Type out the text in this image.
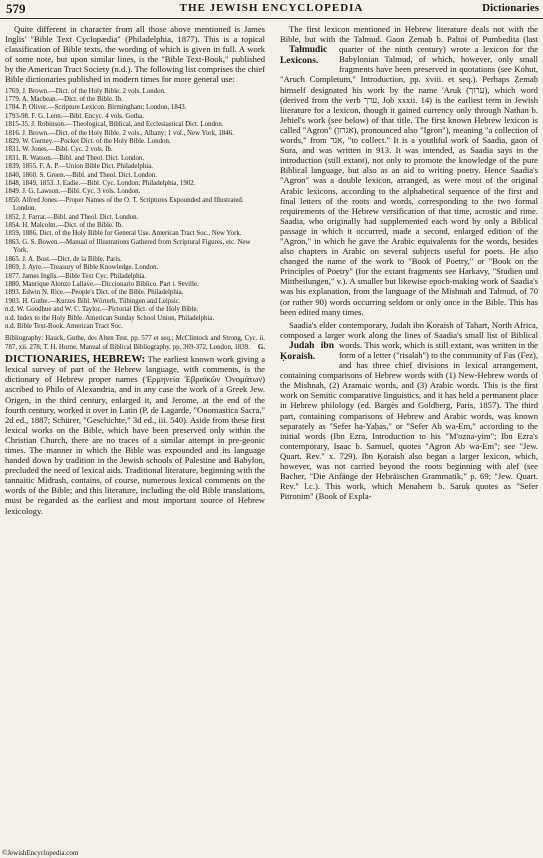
579	THE JEWISH ENCYCLOPEDIA	Dictionaries

Quite different in character from all those above mentioned is James Inglis' "Bible Text Cyclopædia" (Philadelphia, 1877). This is a topical classification of Bible texts, the wording of which is given in full. A work of some note, but upon similar lines, is the "Bible Text-Book," published by the American Tract Society (n.d.). The following list comprises the chief Bible dictionaries published in modern times for more general use:

1769. J. Brown.—Dict. of the Holy Bible. 2 vols. London.
1779. A. Macbean.—Dict. of the Bible. Ib.
1784. P. Oliver.—Scripture Lexicon. Birmingham; London, 1843.
1793-98. F. G. Lenn.—Bibl. Encyc. 4 vols. Gotha.
1815-35. J. Robinson.—Theological, Biblical, and Ecclesiastical Dict. London.
1816. J. Brown.—Dict. of the Holy Bible. 2 vols., Albany; 1 vol., New York, 1846.
1829. W. Gurney.—Pocket Dict. of the Holy Bible. London.
1831. W. Jones.—Bibl. Cyc. 2 vols. Ib.
1831. R. Watson.—Bibl. and Theol. Dict. London.
1839, 1855. F. A. P.—Union Bible Dict. Philadelphia.
1840, 1860. S. Green.—Bibl. and Theol. Dict. London.
1848, 1849, 1853. J. Eadie.—Bibl. Cyc. London; Philadelphia, 1902.
1849. J. G. Lawson.—Bibl. Cyc. 3 vols. London.
1850. Alfred Jones.—Proper Names of the O. T. Scriptures Expounded and Illustrated. London.
1852. J. Farrar.—Bibl. and Theol. Dict. London.
1854. H. Malcolm.—Dict. of the Bible. Ib.
1859, 1886. Dict. of the Holy Bible for General Use. American Tract Soc., New York.
1863. G. S. Bowen.—Manual of Illustrations Gathered from Scriptural Figures, etc. New York.
1865. J. A. Bost.—Dict. de la Bible. Paris.
1869. J. Ayre.—Treasury of Bible Knowledge. London.
1877. James Inglis.—Bible Text Cyc. Philadelphia.
1880. Manrique Alonzo Lallave.—Diccionario Biblico. Part i. Seville.
1893. Edwin N. Rice.—People's Dict. of the Bible. Philadelphia.
1903. H. Guthe.—Kurzes Bibl. Wörterb. Tübingen and Leipsic.
n.d. W. Goodhue and W. C. Taylor.—Pictorial Dict. of the Holy Bible.
n.d. Index to the Holy Bible. American Sunday School Union, Philadelphia.
n.d. Bible Text-Book. American Tract Soc.
Bibliography: Hauck, Guthe, des Alten Test. pp. 577 et seq.; McClintock and Strong, Cyc. ii. 787, xii. 278; T. H. Horne, Manual of Biblical Bibliography, pp. 369-372, London, 1839. G.

DICTIONARIES, HEBREW: The earliest known work giving a lexical survey of part of the Hebrew language, with comments, is the dictionary of Hebrew proper names ('Ερμηνεία Ἑβραϊκῶν Ὀνομάτων) ascribed to Philo of Alexandria, and in any case the work of a Greek Jew. Origen, in the third century, enlarged it, and Jerome, at the end of the fourth century, worked it over in Latin (P. de Lagarde, "Onomastica Sacra," 2d ed., 1887; Schürer, "Geschichte," 3d ed., iii. 540). Aside from these first lexical works on the Bible, which have been preserved only within the Christian Church, there are no traces of a similar attempt in pre-geonic times. The manner in which the Bible was expounded and its language handed down by tradition in the Jewish schools of Palestine and Babylon, precluded the need of lexical aids. Traditional literature, beginning with the tannaitic Midrash, contains, of course, numerous lexical comments on the words of the Bible; and this literature, including the old Bible translations, must be regarded as the earliest and most important source of Hebrew lexicology.

The first lexicon mentioned in Hebrew literature deals not with the Bible, but with the Talmud. Gaon Ẓemaḥ b. Paltoi of Pumbedita (last quarter of the ninth century) wrote a lexicon
Talmudic Lexicons.
for the Babylonian Talmud, of which, however, only small fragments have been preserved in quotations (see Kohut, "Aruch Completum," Introduction, pp. xviii. et seq.). Perhaps Ẓemaḥ himself designated his work by the name 'Aruk (ערוך), which word (derived from the verb ערך, Job xxxii. 14) is the earliest term in Jewish literature for a lexicon, though it gained currency only through Nathan b. Jehiel's work (see below) of that title. The first known Hebrew lexicon is called "Agron" (אגרון), pronounced also "Igron"), meaning "a collection of words," from אגר, "to collect." It is a youthful work of Saadia, gaon of Sura, and was written in 913. It was intended, as Saadia says in the introduction (still extant), not only to promote the knowledge of the pure Biblical language, but also as an aid to writing poetry. Hence Saadia's "Agron" was a double lexicon, arranged, as were most of the original Arabic lexicons, according to the alphabetical sequence of the first and final letters of the roots and words, corresponding to the two formal requirements of the Hebrew versification of that time, acrostic and rime. Saadia, who originally had supplemented each word by only a Biblical passage in which it occurred, made a second, enlarged edition of the "Agron," in which he gave the Arabic equivalents for the words, besides also chapters in Arabic on several subjects useful for poets. He also changed the name of the work to "Book of Poetry," or "Book on the Principles of Poetry" (for the extant fragments see Harkavy, "Studien und Mittheilungen," v.). A smaller but likewise epoch-making work of Saadia's was his explanation, from the language of the Mishnah and Talmud, of 70 (or rather 90) words occurring seldom or only once in the Bible. This has been edited many times.

Saadia's elder contemporary, Judah ibn Ḳoraish of Tahart, North Africa, composed a larger work along the lines of Saadia's small list of
Judah ibn Ḳoraish.
Biblical words. This work, which is still extant, was written in the form of a letter ("risalah") to the community of Fas (Fez), and has three chief divisions in lexical arrangement, containing comparisons of Hebrew words with (1) New-Hebrew words of the Mishnah, (2) Aramaic words, and (3) Arabic words. This is the first work on Semitic comparative linguistics, and it has held a permanent place in Hebrew philology (ed. Bargès and Goldberg, Paris, 1857). The third part, containing comparisons of Hebrew and Arabic words, was known separately as "Sefer ha-Yaḥas," or "Sefer Ab wa-Em," according to the initial words (Ibn Ezra, Introduction to his "M'ozna-yim"; Ibn Ezra's contemporary, Isaac b. Samuel, quotes "Agron Ab wa-Em"; see "Jew. Quart. Rev." x. 729). Ibn Ḳoraish also began a larger lexicon, which, however, was not carried beyond the roots beginning with alef (see Bacher, "Die Anfänge der Hebräischen Grammatik," p. 69; "Jew. Quart. Rev." l.c.). This work, which Menahem b. Saruḳ quotes as "Sefer Pitronim" (Book of Expla-

©JewishEncyclopedia.com
